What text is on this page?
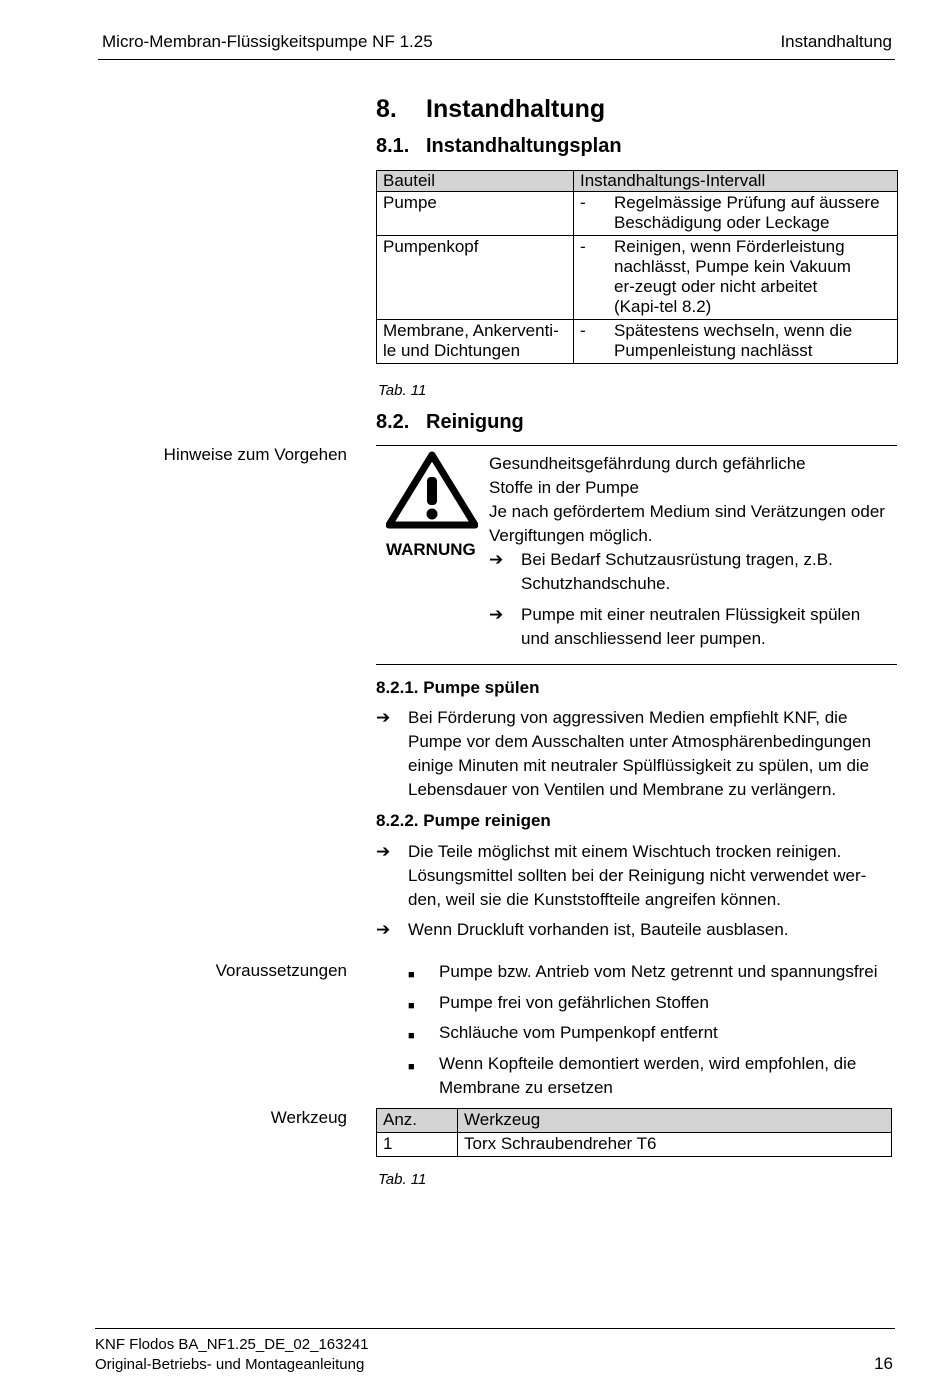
Micro-Membran-Flüssigkeitspumpe NF 1.25	Instandhaltung
8. Instandhaltung
8.1. Instandhaltungsplan
Bauteil	Instandhaltungs-Intervall
Pumpe	- Regelmässige Prüfung auf äussere Beschädigung oder Leckage

Pumpenkopf	- Reinigen, wenn Förderleistung nachlässt, Pumpe kein Vakuum er-zeugt oder nicht arbeitet (Kapi-tel 8.2)

Membrane, Ankerventi-le und Dichtungen	- Spätestens wechseln, wenn die Pumpenleistung nachlässt
Tab. 11
8.2. Reinigung
Hinweise zum Vorgehen
WARNUNG
Gesundheitsgefährdung durch gefährliche
Stoffe in der Pumpe
Je nach gefördertem Medium sind Verätzungen oder
Vergiftungen möglich.
➔ Bei Bedarf Schutzausrüstung tragen, z.B. Schutzhandschuhe.
➔ Pumpe mit einer neutralen Flüssigkeit spülen und anschliessend leer pumpen.
8.2.1. Pumpe spülen
➔	Bei Förderung von aggressiven Medien empfiehlt KNF, die Pumpe vor dem Ausschalten unter Atmosphärenbedingungen einige Minuten mit neutraler Spülflüssigkeit zu spülen, um die Lebensdauer von Ventilen und Membrane zu verlängern.
8.2.2. Pumpe reinigen
➔	Die Teile möglichst mit einem Wischtuch trocken reinigen. Lösungsmittel sollten bei der Reinigung nicht verwendet wer-den, weil sie die Kunststoffteile angreifen können.
➔	Wenn Druckluft vorhanden ist, Bauteile ausblasen.
Voraussetzungen	■ Pumpe bzw. Antrieb vom Netz getrennt und spannungsfrei
■ Pumpe frei von gefährlichen Stoffen
■ Schläuche vom Pumpenkopf entfernt
■ Wenn Kopfteile demontiert werden, wird empfohlen, die Membrane zu ersetzen
Werkzeug Anz.	Werkzeug
1	Torx Schraubendreher T6
Tab. 11
KNF Flodos BA_NF1.25_DE_02_163241
Original-Betriebs- und Montageanleitung	16
